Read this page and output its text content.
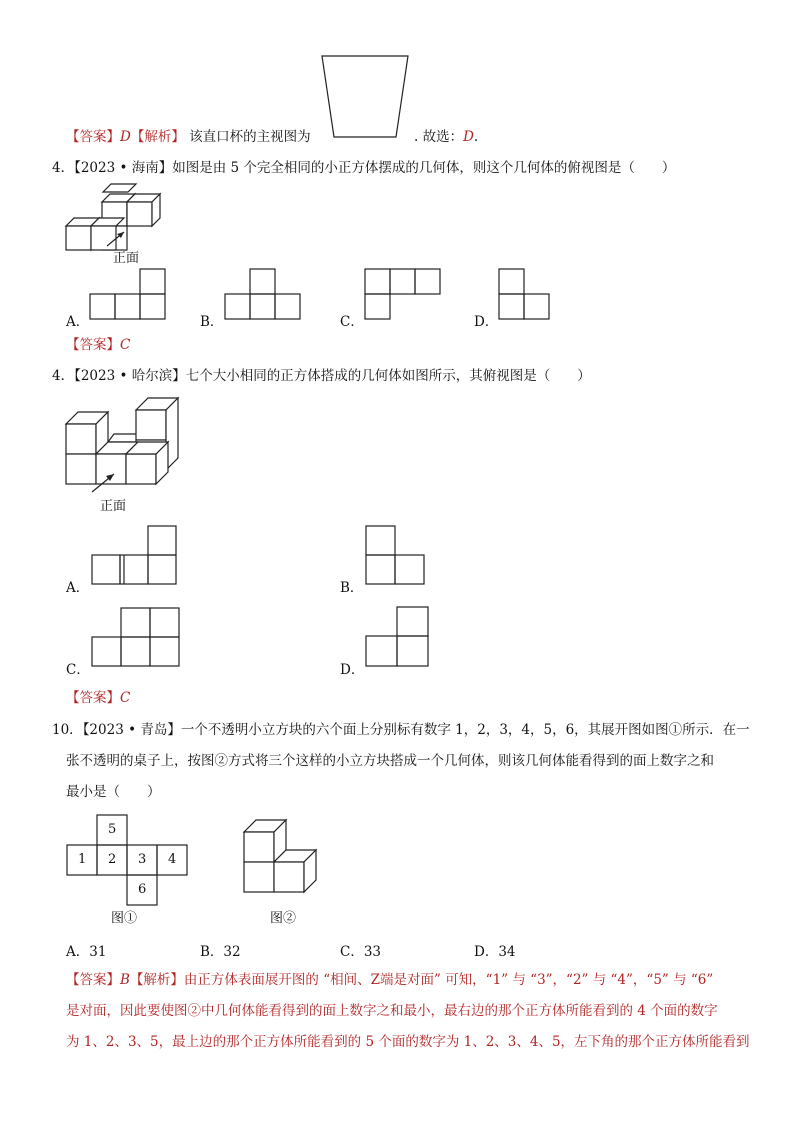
【答案】D【解析】 该直口杯的主视图为	. 故选：D.
4．【2023 • 海南】如图是由 5 个完全相同的小正方体摆成的几何体，则这个几何体的俯视图是（　　）
正面
A．	B．	C．	D．
【答案】C
4．【2023 • 哈尔滨】七个大小相同的正方体搭成的几何体如图所示，其俯视图是（　　）
正面
A．	B．
C．	D．
【答案】C
10．【2023 • 青岛】一个不透明小立方块的六个面上分别标有数字 1，2，3，4，5，6，其展开图如图①所示．在一
张不透明的桌子上，按图②方式将三个这样的小立方块搭成一个几何体，则该几何体能看得到的面上数字之和
最小是（　　）
5
1 2 3 4
6
图①	图②
A．31	B．32	C．33	D．34
【答案】B【解析】由正方体表面展开图的 “相间、Z端是对面” 可知，“1” 与 “3”，“2” 与 “4”，“5” 与 “6”
是对面，因此要使图②中几何体能看得到的面上数字之和最小，最右边的那个正方体所能看到的 4 个面的数字
为 1、2、3、5，最上边的那个正方体所能看到的 5 个面的数字为 1、2、3、4、5，左下角的那个正方体所能看到
